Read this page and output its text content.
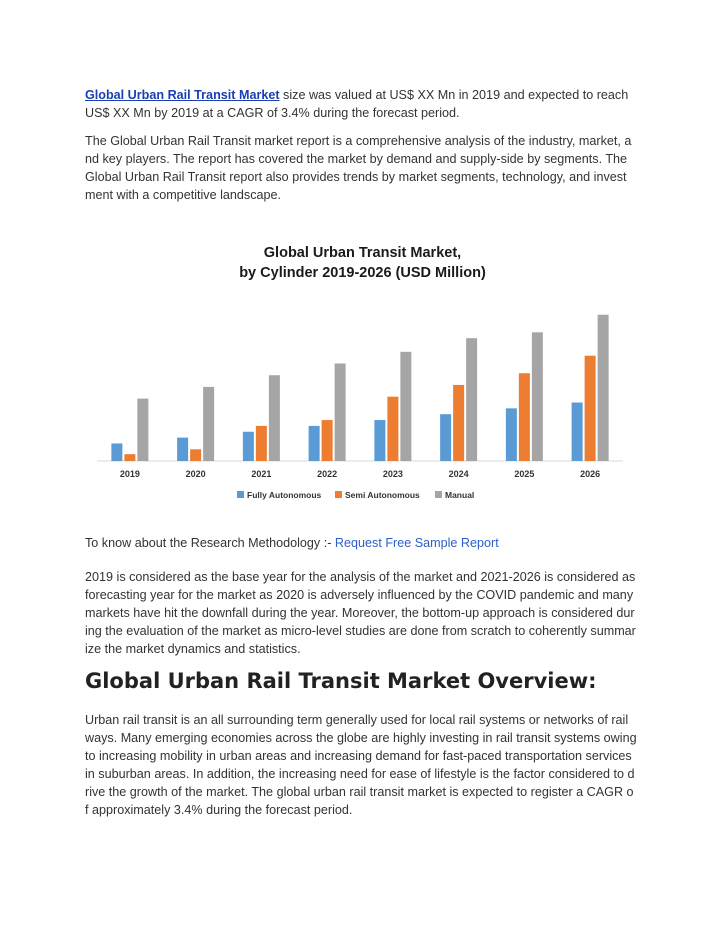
Global Urban Rail Transit Market size was valued at US$ XX Mn in 2019 and expected to reach US$ XX Mn by 2019 at a CAGR of 3.4% during the forecast period.

The Global Urban Rail Transit market report is a comprehensive analysis of the industry, market, and key players. The report has covered the market by demand and supply-side by segments. The Global Urban Rail Transit report also provides trends by market segments, technology, and investment with a competitive landscape.

Global Urban Transit Market,
by Cylinder 2019-2026 (USD Million)
2019	2020	2021	2022	2023	2024	2025	2026
Fully Autonomous	Semi Autonomous	Manual

To know about the Research Methodology :- Request Free Sample Report

2019 is considered as the base year for the analysis of the market and 2021-2026 is considered as forecasting year for the market as 2020 is adversely influenced by the COVID pandemic and many markets have hit the downfall during the year. Moreover, the bottom-up approach is considered during the evaluation of the market as micro-level studies are done from scratch to coherently summarize the market dynamics and statistics.

Global Urban Rail Transit Market Overview:

Urban rail transit is an all surrounding term generally used for local rail systems or networks of railways. Many emerging economies across the globe are highly investing in rail transit systems owing to increasing mobility in urban areas and increasing demand for fast-paced transportation services in suburban areas. In addition, the increasing need for ease of lifestyle is the factor considered to drive the growth of the market. The global urban rail transit market is expected to register a CAGR of approximately 3.4% during the forecast period.
